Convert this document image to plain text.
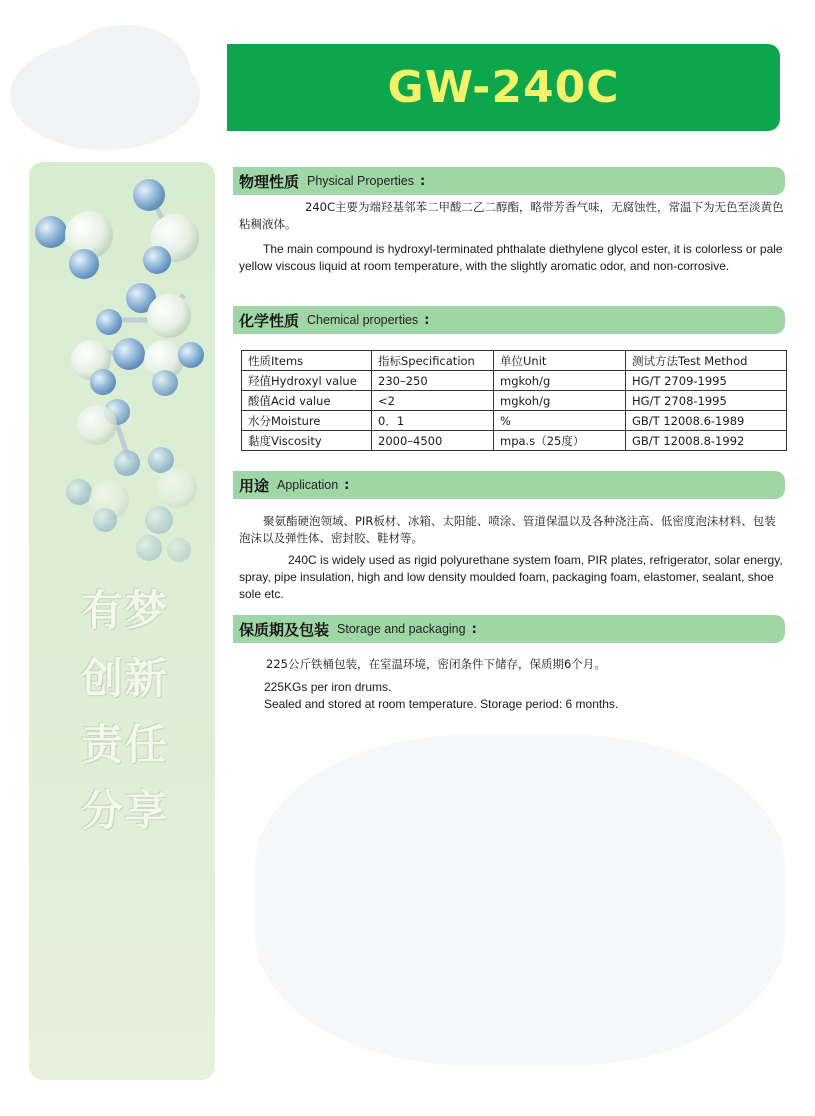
有梦
创新
责任
分享
GW-240C
物理性质 Physical Properties :
240C主要为端羟基邻苯二甲酸二乙二醇酯，略带芳香气味，无腐蚀性，常温下为无色至淡黄色粘稠液体。
The main compound is hydroxyl-terminated phthalate diethylene glycol ester, it is colorless or pale yellow viscous liquid at room temperature, with the slightly aromatic odor, and non-corrosive.
化学性质 Chemical properties :
性质Items	指标Specification	单位Unit	测试方法Test Method
羟值Hydroxyl value	230–250	mgkoh/g	HG/T 2709-1995
酸值Acid value	<2	mgkoh/g	HG/T 2708-1995
水分Moisture	0．1	%	GB/T 12008.6-1989
黏度Viscosity	2000–4500	mpa.s（25度）	GB/T 12008.8-1992
用途 Application :
聚氨酯硬泡领域、PIR板材、冰箱、太阳能、喷涂、管道保温以及各种浇注高、低密度泡沫材料、包装泡沫以及弹性体、密封胶、鞋材等。
240C is widely used as rigid polyurethane system foam, PIR plates, refrigerator, solar energy, spray, pipe insulation, high and low density moulded foam, packaging foam, elastomer, sealant, shoe sole etc.
保质期及包装 Storage and packaging :
225公斤铁桶包装，在室温环境，密闭条件下储存，保质期6个月。
225KGs per iron drums.
Sealed and stored at room temperature. Storage period: 6 months.
